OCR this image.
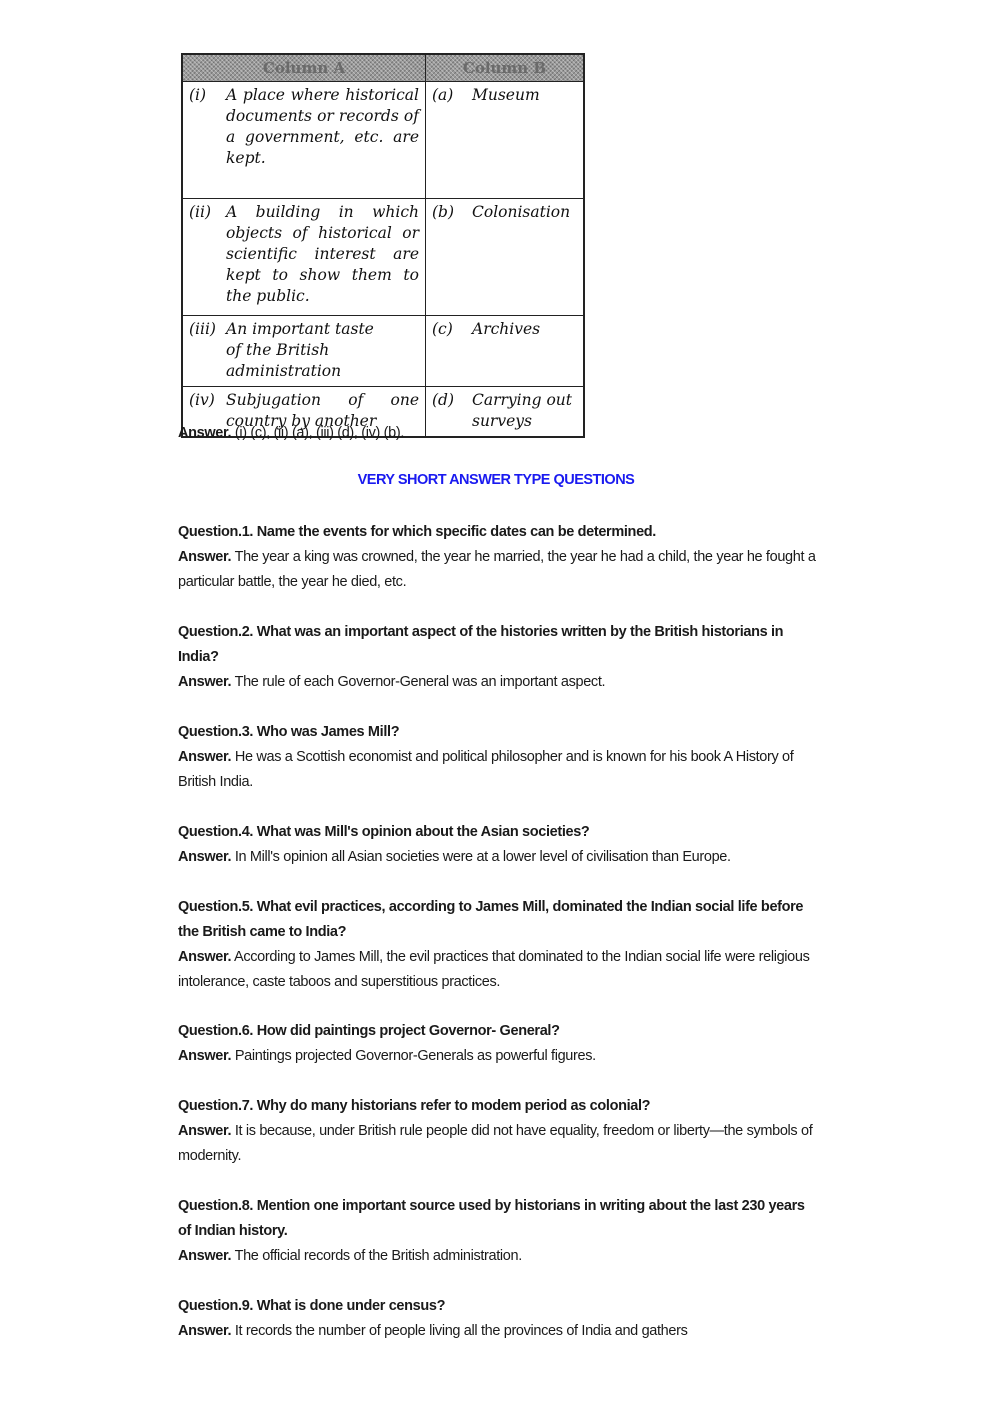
Column A	Column B

(i) A place where historical documents or records of a government, etc. are kept.	(a) Museum

(ii) A building in which objects of historical or scientific interest are kept to show them to the public.	(b) Colonisation

(iii) An important taste of the British administration	(c) Archives

(iv) Subjugation of one country by another	(d) Carrying out surveys
Answer. (i) (c), (ii) (a), (iii) (d), (iv) (b).
VERY SHORT ANSWER TYPE QUESTIONS
Question.1. Name the events for which specific dates can be determined.
Answer. The year a king was crowned, the year he married, the year he had a child, the year he fought a particular battle, the year he died, etc.
Question.2. What was an important aspect of the histories written by the British historians in India?
Answer. The rule of each Governor-General was an important aspect.
Question.3. Who was James Mill?
Answer. He was a Scottish economist and political philosopher and is known for his book A History of British India.
Question.4. What was Mill's opinion about the Asian societies?
Answer. In Mill's opinion all Asian societies were at a lower level of civilisation than Europe.
Question.5. What evil practices, according to James Mill, dominated the Indian social life before the British came to India?
Answer. According to James Mill, the evil practices that dominated to the Indian social life were religious intolerance, caste taboos and superstitious practices.
Question.6. How did paintings project Governor- General?
Answer. Paintings projected Governor-Generals as powerful figures.
Question.7. Why do many historians refer to modem period as colonial?
Answer. It is because, under British rule people did not have equality, freedom or liberty—the symbols of modernity.
Question.8. Mention one important source used by historians in writing about the last 230 years of Indian history.
Answer. The official records of the British administration.
Question.9. What is done under census?
Answer. It records the number of people living all the provinces of India and gathers
